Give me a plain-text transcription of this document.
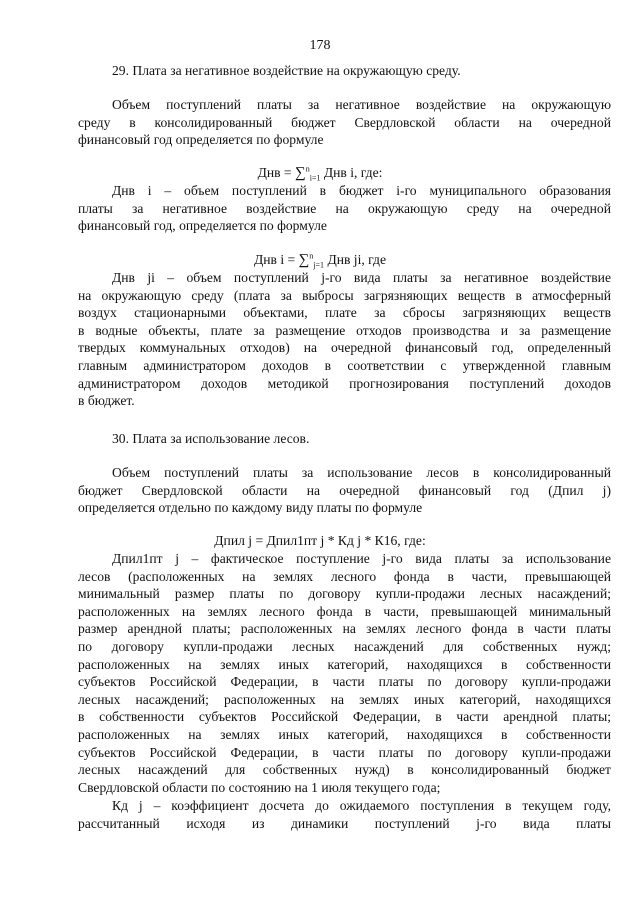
178
29. Плата за негативное воздействие на окружающую среду.
Объем поступлений платы за негативное воздействие на окружающую
среду в консолидированный бюджет Свердловской области на очередной
финансовый год определяется по формуле
Днв = ∑$^n_{i=1}$ Днв i, где:
Днв i – объем поступлений в бюджет i-го муниципального образования
платы за негативное воздействие на окружающую среду на очередной
финансовый год, определяется по формуле
Днв i = ∑$^n_{j=1}$ Днв ji, где
Днв ji – объем поступлений j-го вида платы за негативное воздействие
на окружающую среду (плата за выбросы загрязняющих веществ в атмосферный
воздух стационарными объектами, плате за сбросы загрязняющих веществ
в водные объекты, плате за размещение отходов производства и за размещение
твердых коммунальных отходов) на очередной финансовый год, определенный
главным администратором доходов в соответствии с утвержденной главным
администратором доходов методикой прогнозирования поступлений доходов
в бюджет.
30. Плата за использование лесов.
Объем поступлений платы за использование лесов в консолидированный
бюджет Свердловской области на очередной финансовый год (Дпил j)
определяется отдельно по каждому виду платы по формуле
Дпил j = Дпил1пт j * Кд j * К16, где:
Дпил1пт j – фактическое поступление j-го вида платы за использование
лесов (расположенных на землях лесного фонда в части, превышающей
минимальный размер платы по договору купли-продажи лесных насаждений;
расположенных на землях лесного фонда в части, превышающей минимальный
размер арендной платы; расположенных на землях лесного фонда в части платы
по договору купли-продажи лесных насаждений для собственных нужд;
расположенных на землях иных категорий, находящихся в собственности
субъектов Российской Федерации, в части платы по договору купли-продажи
лесных насаждений; расположенных на землях иных категорий, находящихся
в собственности субъектов Российской Федерации, в части арендной платы;
расположенных на землях иных категорий, находящихся в собственности
субъектов Российской Федерации, в части платы по договору купли-продажи
лесных насаждений для собственных нужд) в консолидированный бюджет
Свердловской области по состоянию на 1 июля текущего года;
Кд j – коэффициент досчета до ожидаемого поступления в текущем году,
рассчитанный исходя из динамики поступлений j-го вида платы
